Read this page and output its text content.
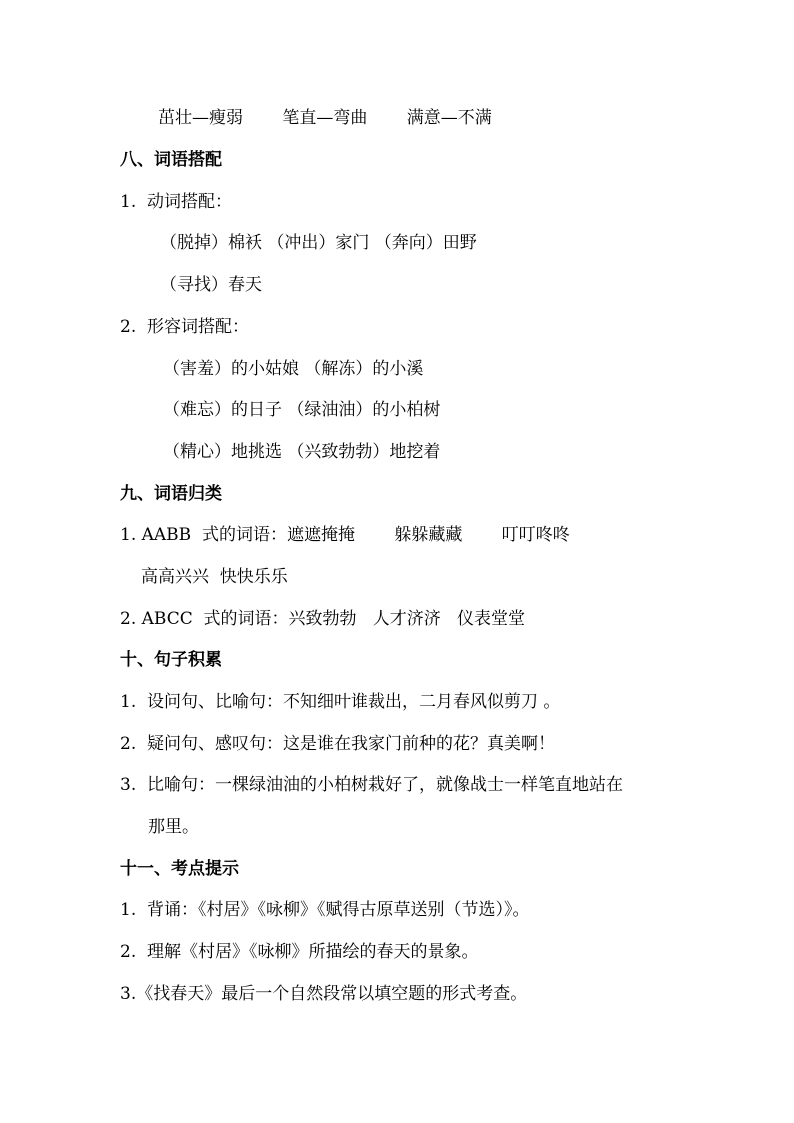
茁壮—瘦弱　　 笔直—弯曲　　 满意—不满
八、词语搭配
1.  动词搭配：
（脱掉）棉袄 （冲出）家门 （奔向）田野
（寻找）春天
2.  形容词搭配：
（害羞）的小姑娘 （解冻）的小溪
（难忘）的日子 （绿油油）的小柏树
（精心）地挑选 （兴致勃勃）地挖着
九、词语归类
1. AABB  式的词语：遮遮掩掩　　 躲躲藏藏　　 叮叮咚咚
高高兴兴  快快乐乐
2. ABCC  式的词语：兴致勃勃   人才济济   仪表堂堂
十、句子积累
1.  设问句、比喻句：不知细叶谁裁出，二月春风似剪刀 。
2.  疑问句、感叹句：这是谁在我家门前种的花？真美啊！
3.  比喻句：一棵绿油油的小柏树栽好了，就像战士一样笔直地站在
那里。
十一、考点提示
1.  背诵：《村居》《咏柳》《赋得古原草送别（节选）》。
2.  理解《村居》《咏柳》所描绘的春天的景象。
3.《找春天》最后一个自然段常以填空题的形式考查。
